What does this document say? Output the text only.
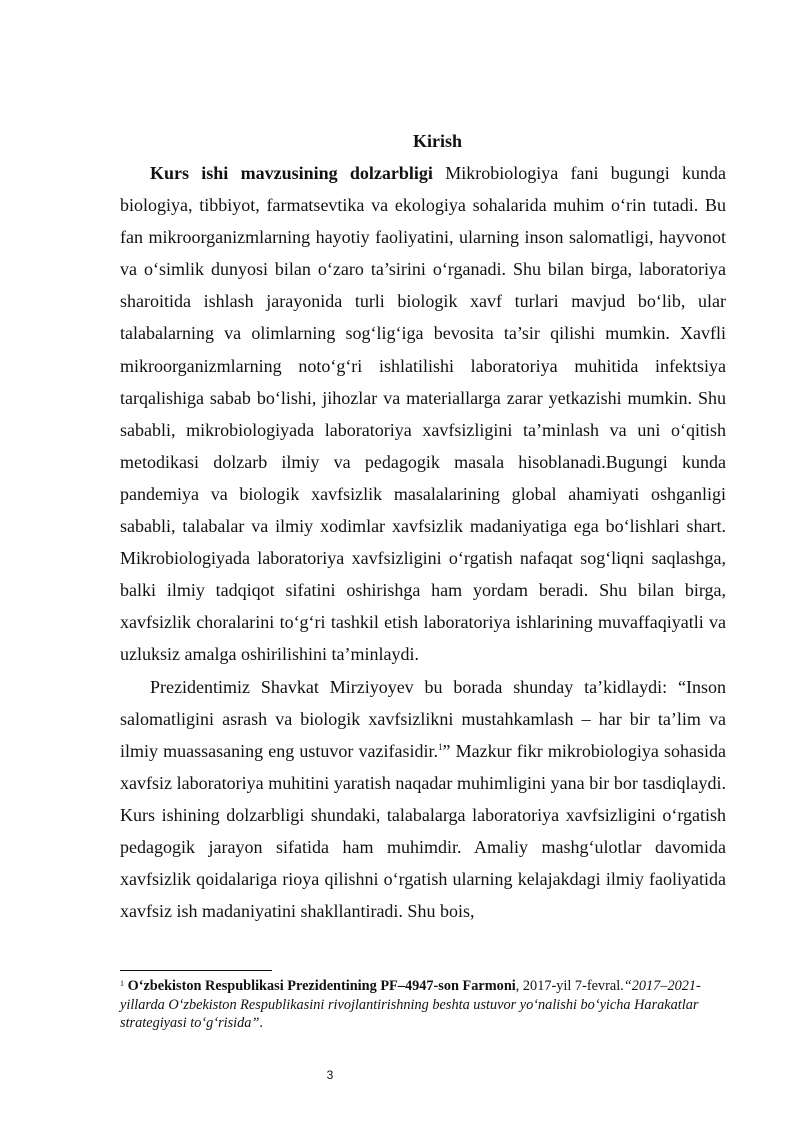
Kirish

Kurs ishi mavzusining dolzarbligi Mikrobiologiya fani bugungi kunda biologiya, tibbiyot, farmatsevtika va ekologiya sohalarida muhim o‘rin tutadi. Bu fan mikroorganizmlarning hayotiy faoliyatini, ularning inson salomatligi, hayvonot va o‘simlik dunyosi bilan o‘zaro ta’sirini o‘rganadi. Shu bilan birga, laboratoriya sharoitida ishlash jarayonida turli biologik xavf turlari mavjud bo‘lib, ular talabalarning va olimlarning sog‘lig‘iga bevosita ta’sir qilishi mumkin. Xavfli mikroorganizmlarning noto‘g‘ri ishlatilishi laboratoriya muhitida infektsiya tarqalishiga sabab bo‘lishi, jihozlar va materiallarga zarar yetkazishi mumkin. Shu sababli, mikrobiologiyada laboratoriya xavfsizligini ta’minlash va uni o‘qitish metodikasi dolzarb ilmiy va pedagogik masala hisoblanadi.Bugungi kunda pandemiya va biologik xavfsizlik masalalarining global ahamiyati oshganligi sababli, talabalar va ilmiy xodimlar xavfsizlik madaniyatiga ega bo‘lishlari shart. Mikrobiologiyada laboratoriya xavfsizligini o‘rgatish nafaqat sog‘liqni saqlashga, balki ilmiy tadqiqot sifatini oshirishga ham yordam beradi. Shu bilan birga, xavfsizlik choralarini to‘g‘ri tashkil etish laboratoriya ishlarining muvaffaqiyatli va uzluksiz amalga oshirilishini ta’minlaydi.

Prezidentimiz Shavkat Mirziyoyev bu borada shunday ta’kidlaydi: “Inson salomatligini asrash va biologik xavfsizlikni mustahkamlash – har bir ta’lim va ilmiy muassasaning eng ustuvor vazifasidir.$^1$” Mazkur fikr mikrobiologiya sohasida xavfsiz laboratoriya muhitini yaratish naqadar muhimligini yana bir bor tasdiqlaydi. Kurs ishining dolzarbligi shundaki, talabalarga laboratoriya xavfsizligini o‘rgatish pedagogik jarayon sifatida ham muhimdir. Amaliy mashg‘ulotlar davomida xavfsizlik qoidalariga rioya qilishni o‘rgatish ularning kelajakdagi ilmiy faoliyatida xavfsiz ish madaniyatini shakllantiradi. Shu bois,

$^1$ O‘zbekiston Respublikasi Prezidentining PF–4947-son Farmoni, 2017-yil 7-fevral.“2017–2021-yillarda O‘zbekiston Respublikasini rivojlantirishning beshta ustuvor yo‘nalishi bo‘yicha Harakatlar strategiyasi to‘g‘risida”.
3
